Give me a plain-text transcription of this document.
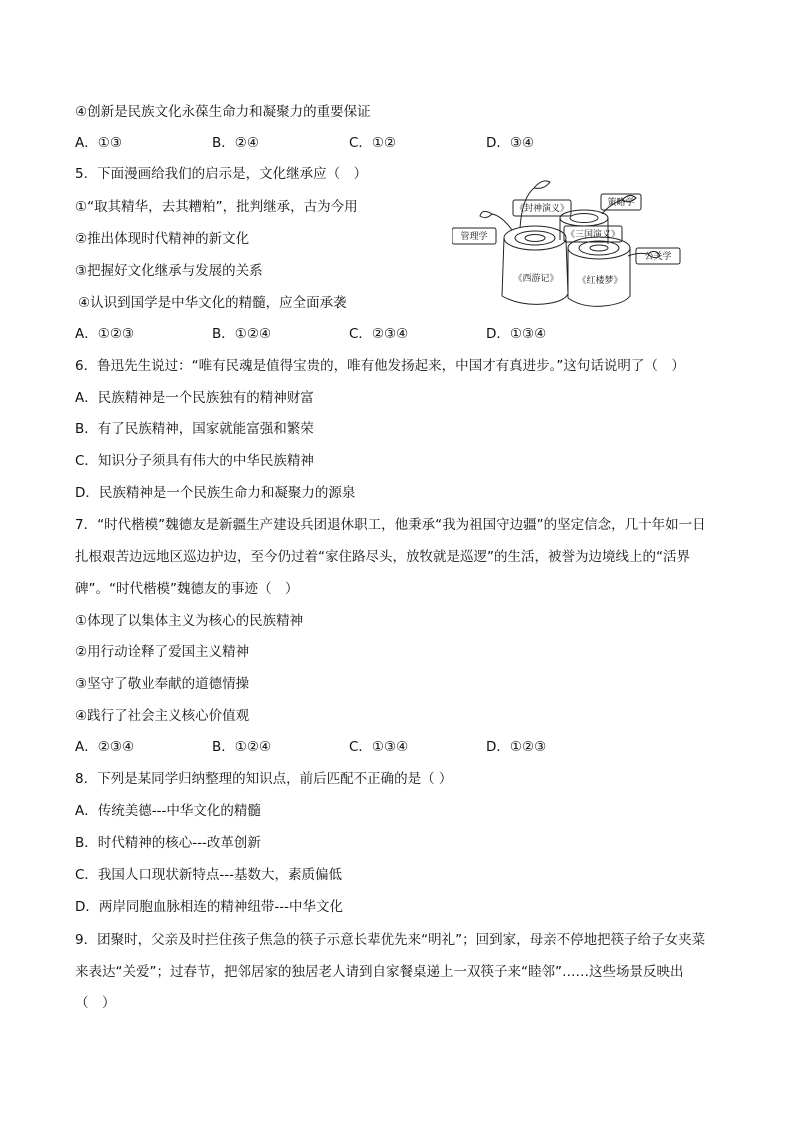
④创新是民族文化永葆生命力和凝聚力的重要保证
A．①③	B．②④	C．①②	D．③④
5．下面漫画给我们的启示是，文化继承应（　）
①“取其精华，去其糟粕”，批判继承，古为今用
②推出体现时代精神的新文化
③把握好文化继承与发展的关系
④认识到国学是中华文化的精髓，应全面承袭
A．①②③	B．①②④	C．②③④	D．①③④
《封神演义》
策略学
管理学	《三国演义》
公关学
《西游记》 《红楼梦》
6．鲁迅先生说过：“唯有民魂是值得宝贵的，唯有他发扬起来，中国才有真进步。”这句话说明了（　）
A．民族精神是一个民族独有的精神财富
B．有了民族精神，国家就能富强和繁荣
C．知识分子须具有伟大的中华民族精神
D．民族精神是一个民族生命力和凝聚力的源泉
7．“时代楷模”魏德友是新疆生产建设兵团退休职工，他秉承“我为祖国守边疆”的坚定信念，几十年如一日
扎根艰苦边远地区巡边护边，至今仍过着“家住路尽头，放牧就是巡逻”的生活，被誉为边境线上的“活界
碑”。“时代楷模”魏德友的事迹（　）
①体现了以集体主义为核心的民族精神
②用行动诠释了爱国主义精神
③坚守了敬业奉献的道德情操
④践行了社会主义核心价值观
A．②③④	B．①②④	C．①③④	D．①②③
8．下列是某同学归纳整理的知识点，前后匹配不正确的是（ ）
A．传统美德---中华文化的精髓
B．时代精神的核心---改革创新
C．我国人口现状新特点---基数大，素质偏低
D．两岸同胞血脉相连的精神纽带---中华文化
9．团聚时，父亲及时拦住孩子焦急的筷子示意长辈优先来“明礼”；回到家，母亲不停地把筷子给子女夹菜
来表达“关爱”；过春节，把邻居家的独居老人请到自家餐桌递上一双筷子来“睦邻”……这些场景反映出
（　）
